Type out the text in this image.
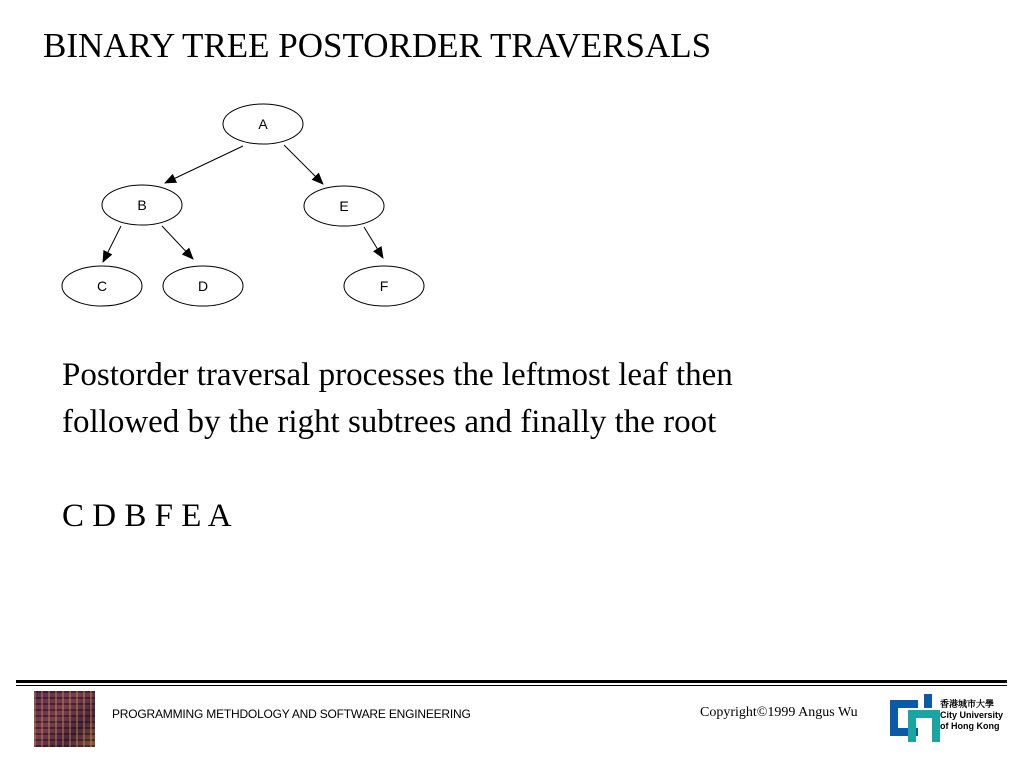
BINARY TREE POSTORDER TRAVERSALS
A
B	E
C	D	F
Postorder traversal processes the leftmost leaf then
followed by the right subtrees and finally the root
C D B F E A
PROGRAMMING METHDOLOGY AND SOFTWARE ENGINEERING	Copyright©1999 Angus Wu
香港城市大學
City University
of Hong Kong
